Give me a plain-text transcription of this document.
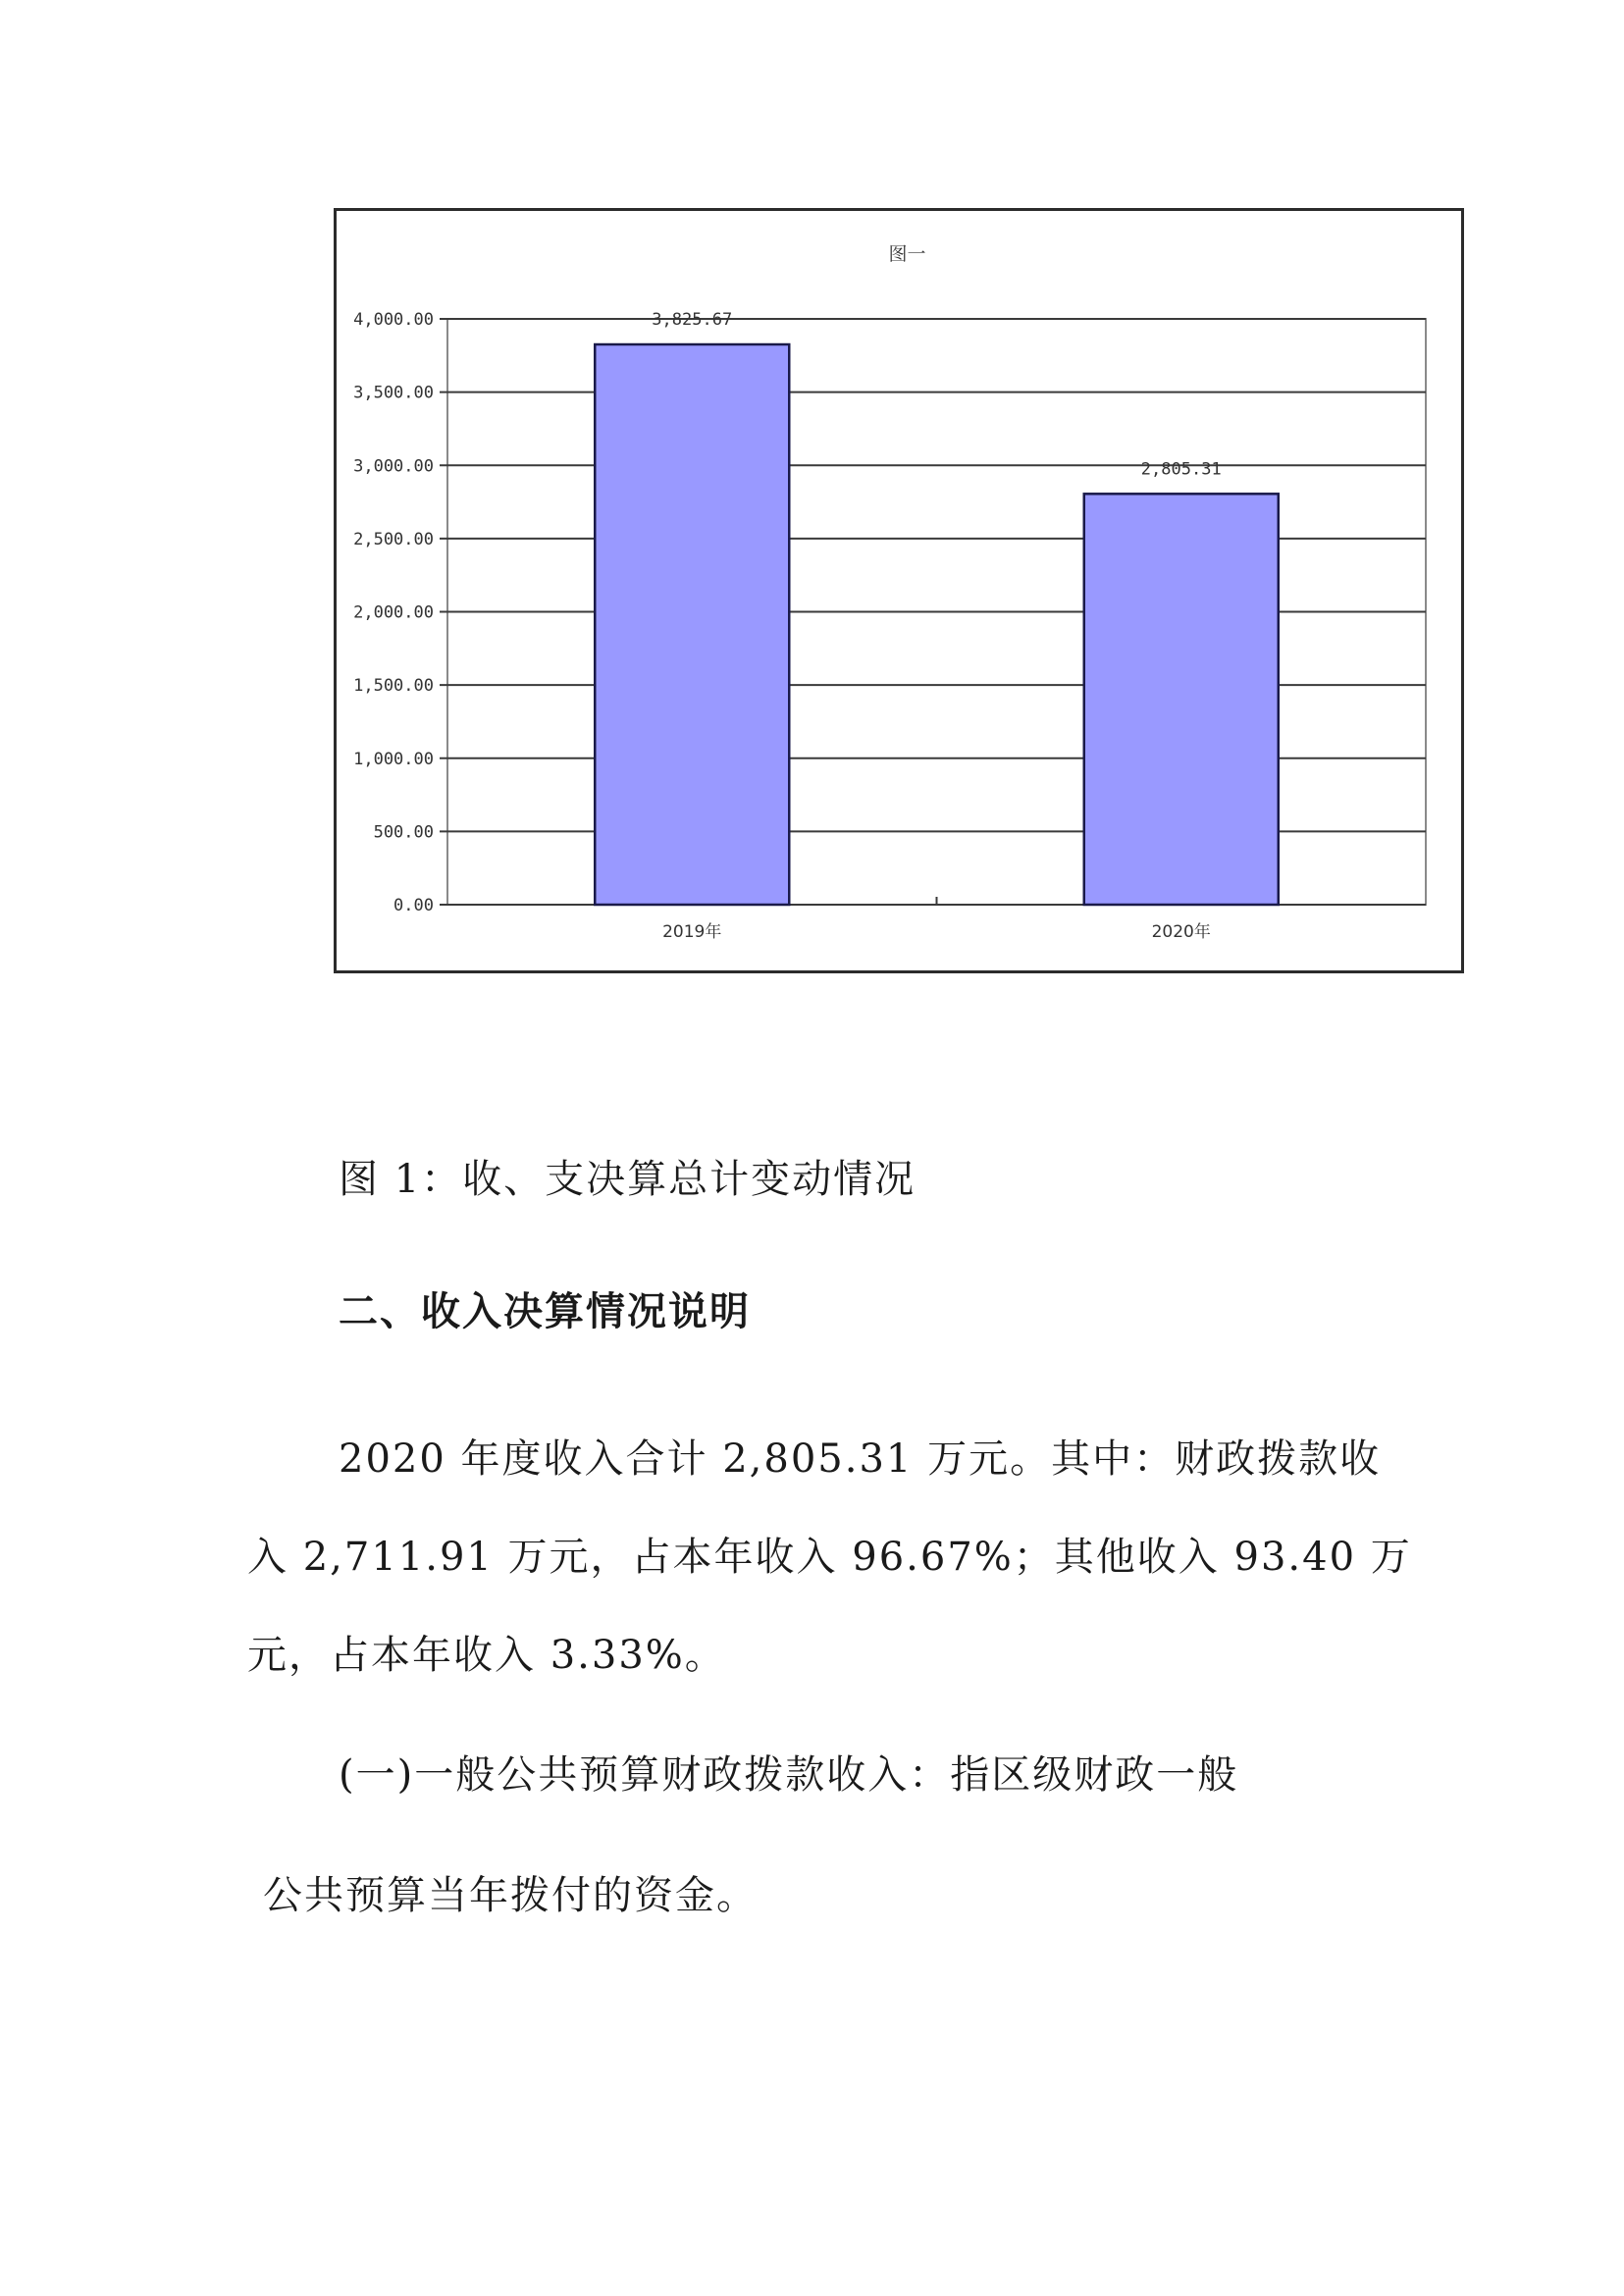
0.00
500.00
1,000.00
1,500.00
2,000.00
2,500.00
3,000.00
3,500.00
4,000.00
图一
3,825.67
2019年
2,805.31
2020年
图 1：收、支决算总计变动情况
二、收入决算情况说明
2020 年度收入合计 2,805.31 万元。其中：财政拨款收
入 2,711.91 万元，占本年收入 96.67%；其他收入 93.40 万
元，占本年收入 3.33%。
(一)一般公共预算财政拨款收入：指区级财政一般
公共预算当年拨付的资金。
